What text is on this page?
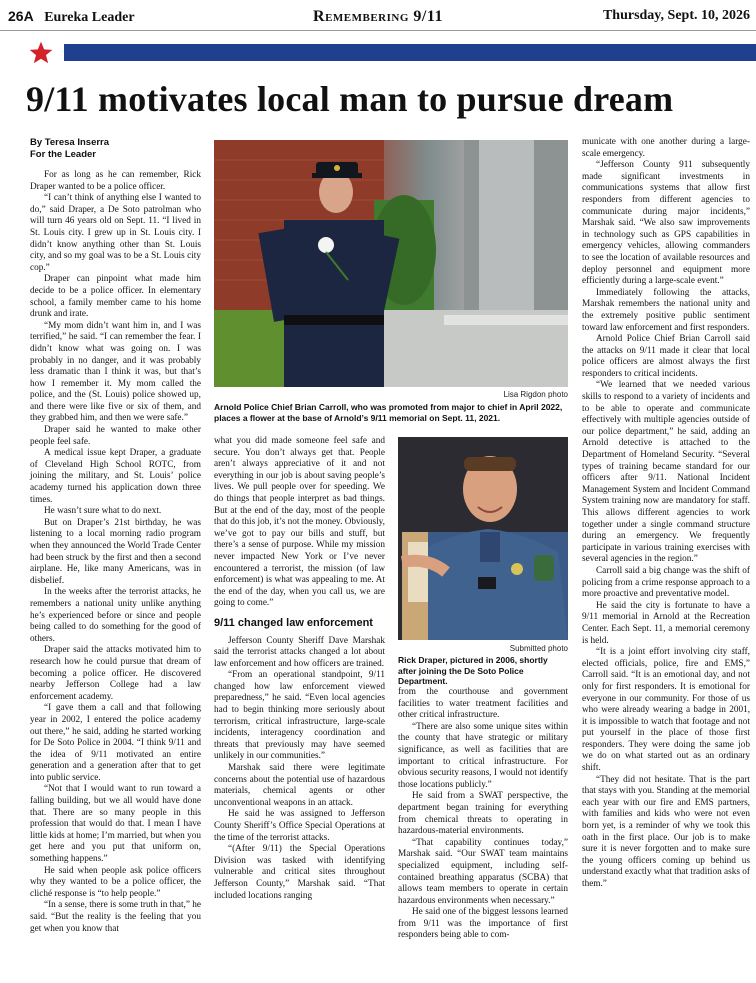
26A Eureka Leader	Remembering 9/11	Thursday, Sept. 10, 2026
9/11 motivates local man to pursue dream
By Teresa Inserra
For the Leader

For as long as he can remember, Rick Draper wanted to be a police officer.

“I can’t think of anything else I wanted to do,” said Draper, a De Soto patrolman who will turn 46 years old on Sept. 11. “I lived in St. Louis city. I grew up in St. Louis city. I didn’t know anything other than St. Louis city, and so my goal was to be a St. Louis city cop.”

Draper can pinpoint what made him decide to be a police officer. In elementary school, a family member came to his home drunk and irate.

“My mom didn’t want him in, and I was terrified,” he said. “I can remember the fear. I didn’t know what was going on. I was probably in no danger, and it was probably less dramatic than I think it was, but that’s how I remember it. My mom called the police, and the (St. Louis) police showed up, and there were like five or six of them, and they grabbed him, and then we were safe.”

Draper said he wanted to make other people feel safe.

A medical issue kept Draper, a graduate of Cleveland High School ROTC, from joining the military, and St. Louis’ police academy turned his application down three times.

He wasn’t sure what to do next.

But on Draper’s 21st birthday, he was listening to a local morning radio program when they announced the World Trade Center had been struck by the first and then a second airplane. He, like many Americans, was in disbelief.

In the weeks after the terrorist attacks, he remembers a national unity unlike anything he’s experienced before or since and people being called to do something for the good of others.

Draper said the attacks motivated him to research how he could pursue that dream of becoming a police officer. He discovered nearby Jefferson College had a law enforcement academy.

“I gave them a call and that following year in 2002, I entered the police academy out there,” he said, adding he started working for De Soto Police in 2004. “I think 9/11 and the idea of 9/11 motivated an entire generation and a generation after that to get into public service.

“Not that I would want to run toward a falling building, but we all would have done that. There are so many people in this profession that would do that. I mean I have little kids at home; I’m married, but when you get here and you put that uniform on, something happens.”

He said when people ask police officers why they wanted to be a police officer, the cliché response is “to help people.”

“In a sense, there is some truth in that,” he said. “But the reality is the feeling that you get when you know that

Lisa Rigdon photo
Arnold Police Chief Brian Carroll, who was promoted from major to chief in April 2022, places a flower at the base of Arnold’s 9/11 memorial on Sept. 11, 2021.

what you did made someone feel safe and secure. You don’t always get that. People aren’t always appreciative of it and not everything in our job is about saving people’s lives. We pull people over for speeding. We do things that people interpret as bad things. But at the end of the day, most of the people that do this job, it’s not the money. Obviously, we’ve got to pay our bills and stuff, but there’s a sense of purpose. While my mission never impacted New York or I’ve never encountered a terrorist, the mission (of law enforcement) is what was appealing to me. At the end of the day, when you call us, we are going to come.”

9/11 changed law enforcement

Jefferson County Sheriff Dave Marshak said the terrorist attacks changed a lot about law enforcement and how officers are trained.

“From an operational standpoint, 9/11 changed how law enforcement viewed preparedness,” he said. “Even local agencies had to begin thinking more seriously about terrorism, critical infrastructure, large-scale incidents, interagency coordination and threats that previously may have seemed unlikely in our communities.”

Marshak said there were legitimate concerns about the potential use of hazardous materials, chemical agents or other unconventional weapons in an attack.

He said he was assigned to Jefferson County Sheriff’s Office Special Operations at the time of the terrorist attacks.

“(After 9/11) the Special Operations Division was tasked with identifying vulnerable and critical sites throughout Jefferson County,” Marshak said. “That included locations ranging

Submitted photo
Rick Draper, pictured in 2006, shortly after joining the De Soto Police Department.

from the courthouse and government facilities to water treatment facilities and other critical infrastructure.

“There are also some unique sites within the county that have strategic or military significance, as well as facilities that are important to critical infrastructure. For obvious security reasons, I would not identify those locations publicly.”

He said from a SWAT perspective, the department began training for everything from chemical threats to operating in hazardous-material environments.

“That capability continues today,” Marshak said. “Our SWAT team maintains specialized equipment, including self-contained breathing apparatus (SCBA) that allows team members to operate in certain hazardous environments when necessary.”

He said one of the biggest lessons learned from 9/11 was the importance of first responders being able to com-

municate with one another during a large-scale emergency.

“Jefferson County 911 subsequently made significant investments in communications systems that allow first responders from different agencies to communicate during major incidents,” Marshak said. “We also saw improvements in technology such as GPS capabilities in emergency vehicles, allowing commanders to see the location of available resources and deploy personnel and equipment more efficiently during a large-scale event.”

Immediately following the attacks, Marshak remembers the national unity and the extremely positive public sentiment toward law enforcement and first responders.

Arnold Police Chief Brian Carroll said the attacks on 9/11 made it clear that local police officers are almost always the first responders to critical incidents.

“We learned that we needed various skills to respond to a variety of incidents and to be able to operate and communicate effectively with multiple agencies outside of our police department,” he said, adding an Arnold detective is attached to the Department of Homeland Security. “Several types of training became standard for our officers after 9/11. National Incident Management System and Incident Command System training now are mandatory for staff. This allows different agencies to work together under a single command structure during an emergency. We frequently participate in various training exercises with several agencies in the region.”

Carroll said a big change was the shift of policing from a crime response approach to a more proactive and preventative model.

He said the city is fortunate to have a 9/11 memorial in Arnold at the Recreation Center. Each Sept. 11, a memorial ceremony is held.

“It is a joint effort involving city staff, elected officials, police, fire and EMS,” Carroll said. “It is an emotional day, and not only for first responders. It is emotional for everyone in our community. For those of us who were already wearing a badge in 2001, it is impossible to watch that footage and not put yourself in the place of those first responders. They were doing the same job we do on what started out as an ordinary shift.

“They did not hesitate. That is the part that stays with you. Standing at the memorial each year with our fire and EMS partners, with families and kids who were not even born yet, is a reminder of why we took this oath in the first place. Our job is to make sure it is never forgotten and to make sure the young officers coming up behind us understand exactly what that tradition asks of them.”
